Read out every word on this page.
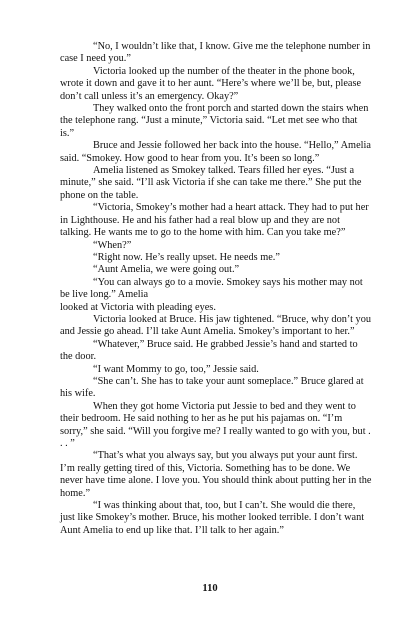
“No, I wouldn’t like that, I know. Give me the telephone number in case I need you.”

Victoria looked up the number of the theater in the phone book, wrote it down and gave it to her aunt. “Here’s where we’ll be, but, please don’t call unless it’s an emergency. Okay?”

They walked onto the front porch and started down the stairs when the telephone rang. “Just a minute,” Victoria said. “Let met see who that is.”

Bruce and Jessie followed her back into the house. “Hello,” Amelia said. “Smokey. How good to hear from you. It’s been so long.”

Amelia listened as Smokey talked. Tears filled her eyes. “Just a minute,” she said. “I’ll ask Victoria if she can take me there.” She put the phone on the table.

“Victoria, Smokey’s mother had a heart attack. They had to put her in Lighthouse. He and his father had a real blow up and they are not talking. He wants me to go to the home with him. Can you take me?”

“When?”

“Right now. He’s really upset. He needs me.”

“Aunt Amelia, we were going out.”

“You can always go to a movie. Smokey says his mother may not be live long.” Amelia

looked at Victoria with pleading eyes.

Victoria looked at Bruce. His jaw tightened. “Bruce, why don’t you and Jessie go ahead. I’ll take Aunt Amelia. Smokey’s important to her.”

“Whatever,” Bruce said. He grabbed Jessie’s hand and started to the door.

“I want Mommy to go, too,” Jessie said.

“She can’t. She has to take your aunt someplace.” Bruce glared at his wife.

When they got home Victoria put Jessie to bed and they went to their bedroom. He said nothing to her as he put his pajamas on. “I’m sorry,” she said. “Will you forgive me? I really wanted to go with you, but . . . ”

“That’s what you always say, but you always put your aunt first. I’m really getting tired of this, Victoria. Something has to be done. We never have time alone. I love you. You should think about putting her in the home.”

“I was thinking about that, too, but I can’t. She would die there, just like Smokey’s mother. Bruce, his mother looked terrible. I don’t want Aunt Amelia to end up like that. I’ll talk to her again.”

110
